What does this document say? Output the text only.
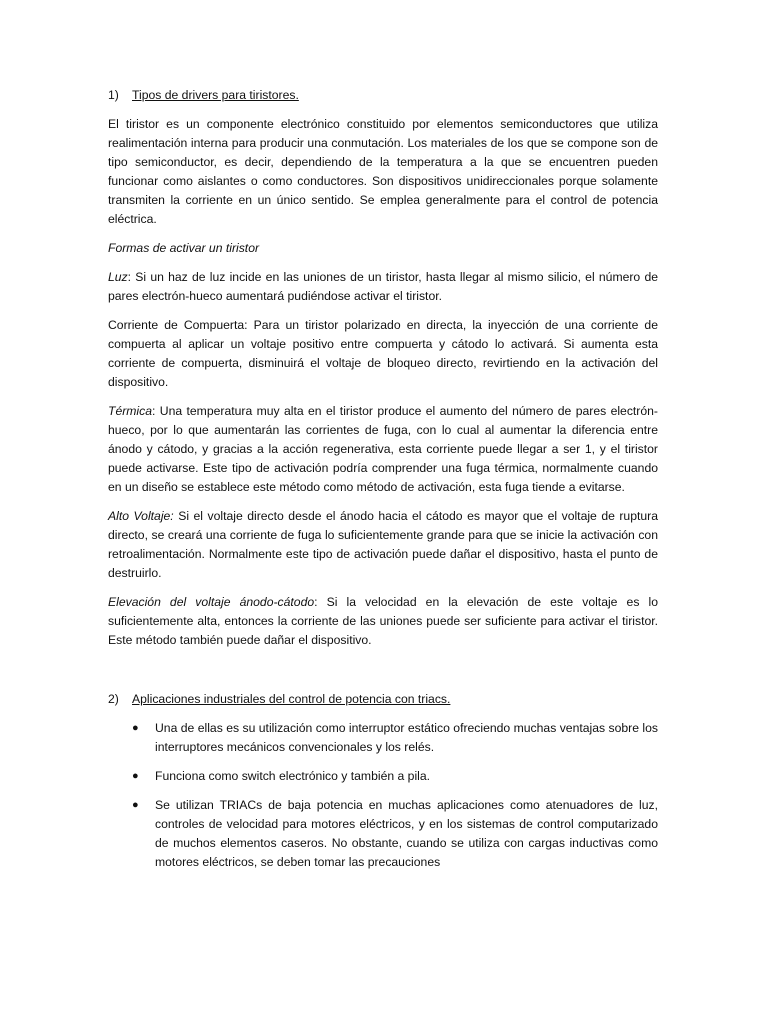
1)	Tipos de drivers para tiristores.

El tiristor es un componente electrónico constituido por elementos semiconductores que utiliza realimentación interna para producir una conmutación. Los materiales de los que se compone son de tipo semiconductor, es decir, dependiendo de la temperatura a la que se encuentren pueden funcionar como aislantes o como conductores. Son dispositivos unidireccionales porque solamente transmiten la corriente en un único sentido. Se emplea generalmente para el control de potencia eléctrica.

Formas de activar un tiristor

Luz: Si un haz de luz incide en las uniones de un tiristor, hasta llegar al mismo silicio, el número de pares electrón-hueco aumentará pudiéndose activar el tiristor.

Corriente de Compuerta: Para un tiristor polarizado en directa, la inyección de una corriente de compuerta al aplicar un voltaje positivo entre compuerta y cátodo lo activará. Si aumenta esta corriente de compuerta, disminuirá el voltaje de bloqueo directo, revirtiendo en la activación del dispositivo.

Térmica: Una temperatura muy alta en el tiristor produce el aumento del número de pares electrón-hueco, por lo que aumentarán las corrientes de fuga, con lo cual al aumentar la diferencia entre ánodo y cátodo, y gracias a la acción regenerativa, esta corriente puede llegar a ser 1, y el tiristor puede activarse. Este tipo de activación podría comprender una fuga térmica, normalmente cuando en un diseño se establece este método como método de activación, esta fuga tiende a evitarse.

Alto Voltaje: Si el voltaje directo desde el ánodo hacia el cátodo es mayor que el voltaje de ruptura directo, se creará una corriente de fuga lo suficientemente grande para que se inicie la activación con retroalimentación. Normalmente este tipo de activación puede dañar el dispositivo, hasta el punto de destruirlo.

Elevación del voltaje ánodo-cátodo: Si la velocidad en la elevación de este voltaje es lo suficientemente alta, entonces la corriente de las uniones puede ser suficiente para activar el tiristor. Este método también puede dañar el dispositivo.

2)	Aplicaciones industriales del control de potencia con triacs.
● Una de ellas es su utilización como interruptor estático ofreciendo muchas ventajas sobre los interruptores mecánicos convencionales y los relés.
● Funciona como switch electrónico y también a pila.
● Se utilizan TRIACs de baja potencia en muchas aplicaciones como atenuadores de luz, controles de velocidad para motores eléctricos, y en los sistemas de control computarizado de muchos elementos caseros. No obstante, cuando se utiliza con cargas inductivas como motores eléctricos, se deben tomar las precauciones
